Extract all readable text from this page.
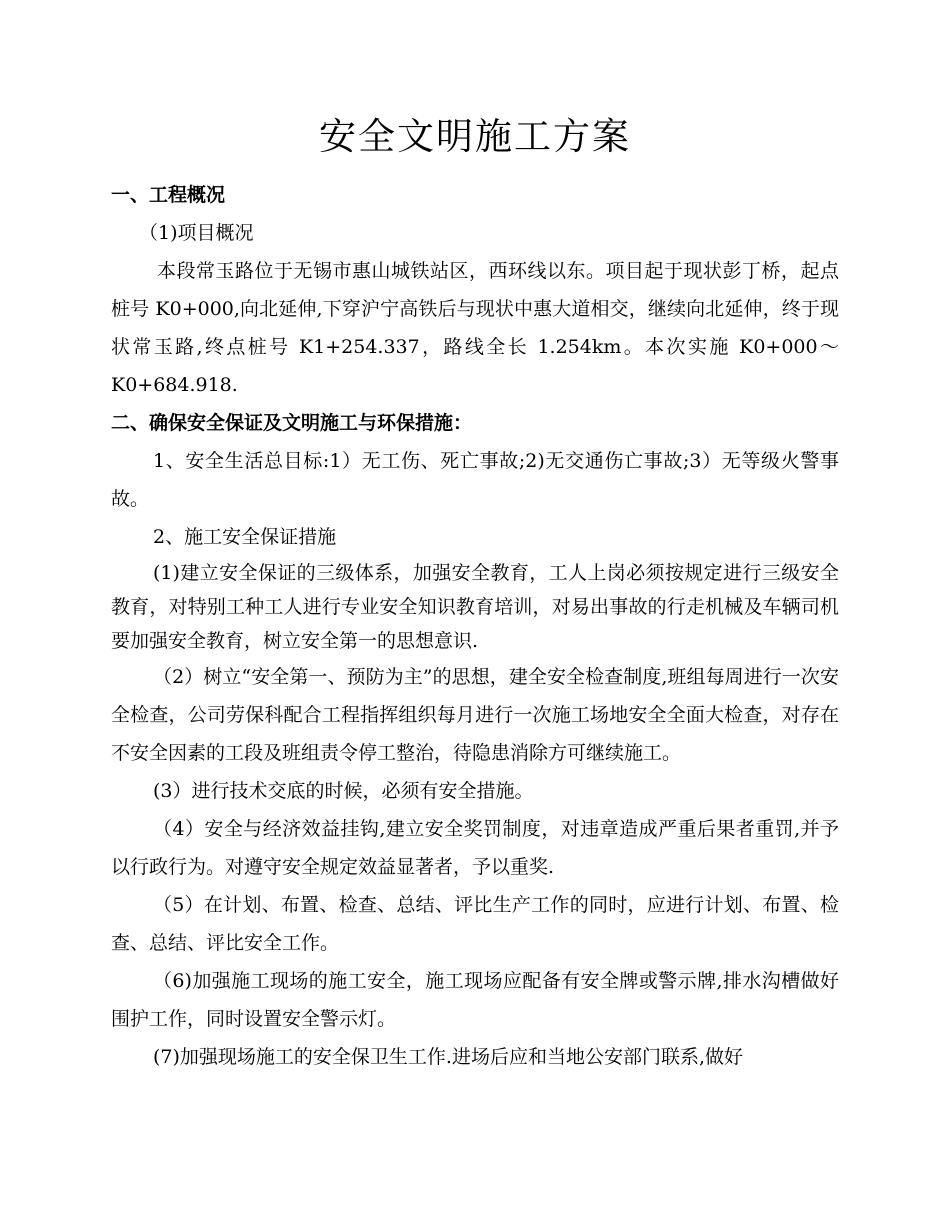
安全文明施工方案

一、工程概况

（1)项目概况

本段常玉路位于无锡市惠山城铁站区，西环线以东。项目起于现状彭丁桥，起点桩号 K0+000,向北延伸,下穿沪宁高铁后与现状中惠大道相交，继续向北延伸，终于现状常玉路,终点桩号 K1+254.337，路线全长 1.254km。本次实施 K0+000～K0+684.918.

二、确保安全保证及文明施工与环保措施：

1、安全生活总目标:1）无工伤、死亡事故;2)无交通伤亡事故;3）无等级火警事故。

2、施工安全保证措施

(1)建立安全保证的三级体系，加强安全教育，工人上岗必须按规定进行三级安全教育，对特别工种工人进行专业安全知识教育培训，对易出事故的行走机械及车辆司机要加强安全教育，树立安全第一的思想意识.

（2）树立“安全第一、预防为主”的思想，建全安全检查制度,班组每周进行一次安全检查，公司劳保科配合工程指挥组织每月进行一次施工场地安全全面大检查，对存在不安全因素的工段及班组责令停工整治，待隐患消除方可继续施工。

(3）进行技术交底的时候，必须有安全措施。

（4）安全与经济效益挂钩,建立安全奖罚制度，对违章造成严重后果者重罚,并予以行政行为。对遵守安全规定效益显著者，予以重奖.

（5）在计划、布置、检查、总结、评比生产工作的同时，应进行计划、布置、检查、总结、评比安全工作。

（6)加强施工现场的施工安全，施工现场应配备有安全牌或警示牌,排水沟槽做好围护工作，同时设置安全警示灯。

(7)加强现场施工的安全保卫生工作.进场后应和当地公安部门联系,做好
